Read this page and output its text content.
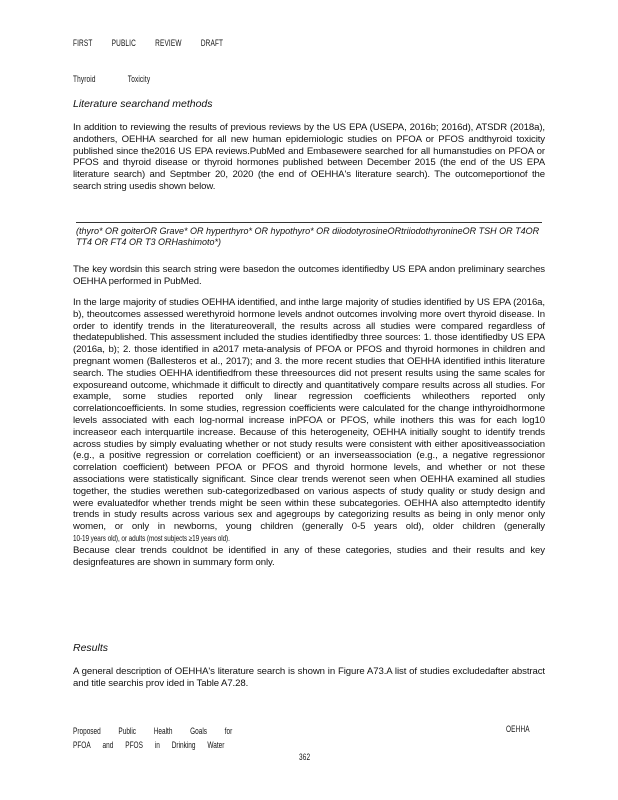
FIRST PUBLIC REVIEW DRAFT
Thyroid	Toxicity
Literature searchand methods

In addition to reviewing the results of previous reviews by the US EPA (USEPA, 2016b; 2016d), ATSDR (2018a), andothers, OEHHA searched for all new human epidemiologic studies on PFOA or PFOS andthyroid toxicity published since the2016 US EPA reviews.PubMed and Embasewere searched for all humanstudies on PFOA or PFOS and thyroid disease or thyroid hormones published between December 2015 (the end of the US EPA literature search) and Septmber 20, 2020 (the end of OEHHA's literature search). The outcomeportionof the search string usedis shown below.

(thyro* OR goiterOR Grave* OR hyperthyro* OR hypothyro* OR diiodotyrosineORtriiodothyronineOR TSH OR T4OR TT4 OR FT4 OR T3 ORHashimoto*)

The key wordsin this search string were basedon the outcomes identifiedby US EPA andon preliminary searches OEHHA performed in PubMed.

In the large majority of studies OEHHA identified, and inthe large majority of studies identified by US EPA (2016a, b), theoutcomes assessed werethyroid hormone levels andnot outcomes involving more overt thyroid disease. In order to identify trends in the literatureoverall, the results across all studies were compared regardless of thedatepublished. This assessment included the studies identifiedby three sources: 1. those identifiedby US EPA (2016a, b); 2. those identified in a2017 meta-analysis of PFOA or PFOS and thyroid hormones in children and pregnant women (Ballesteros et al., 2017); and 3. the more recent studies that OEHHA identified inthis literature search. The studies OEHHA identifiedfrom these threesources did not present results using the same scales for exposureand outcome, whichmade it difficult to directly and quantitatively compare results across all studies. For example, some studies reported only linear regression coefficients whileothers reported only correlationcoefficients. In some studies, regression coefficients were calculated for the change inthyroidhormone levels associated with each log-normal increase inPFOA or PFOS, while inothers this was for each log10 increaseor each interquartile increase. Because of this heterogeneity, OEHHA initially sought to identify trends across studies by simply evaluating whether or not study results were consistent with either apositiveassociation (e.g., a positive regression or correlation coefficient) or an inverseassociation (e.g., a negative regressionor correlation coefficient) between PFOA or PFOS and thyroid hormone levels, and whether or not these associations were statistically significant. Since clear trends werenot seen when OEHHA examined all studies together, the studies werethen sub-categorizedbased on various aspects of study quality or study design and were evaluatedfor whether trends might be seen within these subcategories. OEHHA also attemptedto identify trends in study results across various sex and agegroups by categorizing results as being in only menor only women, or only in newborns, young children (generally 0-5 years old), older children (generally 10-19 years old), or adults (most subjects ≥19 years old).
Because clear trends couldnot be identified in any of these categories, studies and their results and key designfeatures are shown in summary form only.
Results

A general description of OEHHA's literature search is shown in Figure A73.A list of studies excludedafter abstract and title searchis prov ided in Table A7.28.

Proposed Public Health Goals for
PFOA and PFOS in Drinking Water
OEHHA
362
